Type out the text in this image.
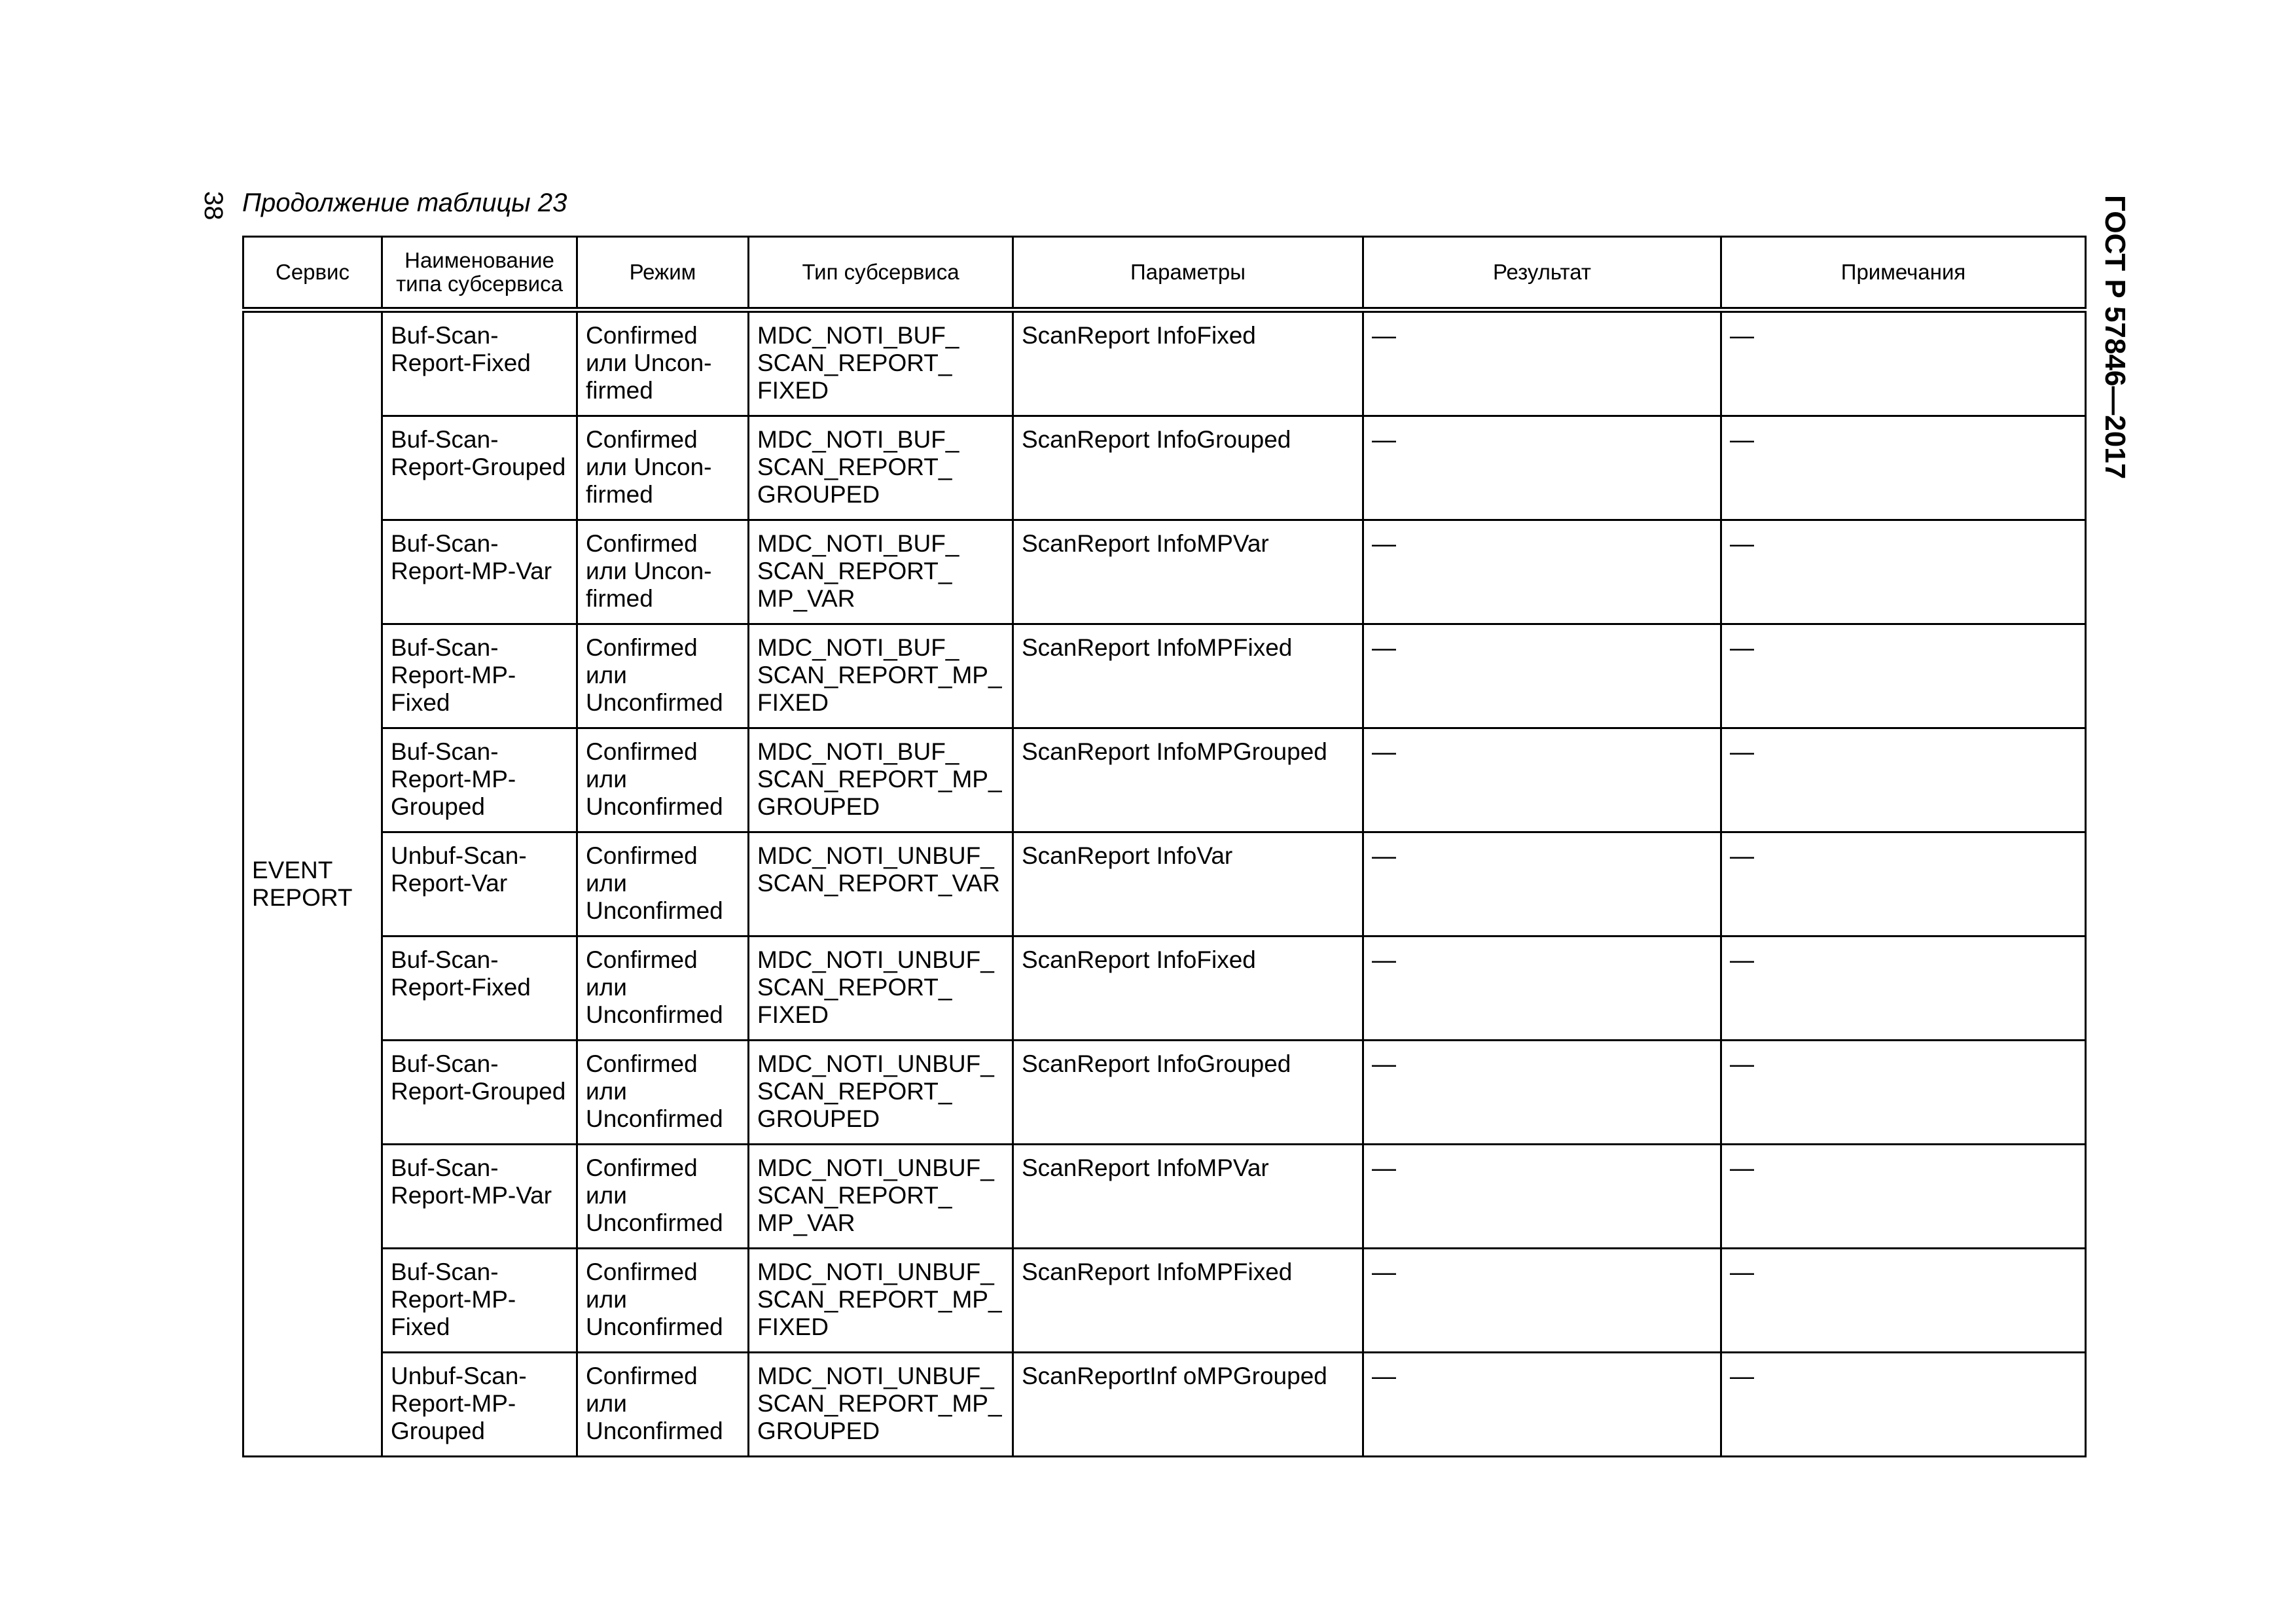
38 Продолжение таблицы 23	ГОСТ Р 57846—2017
Сервис	Наименование типа субсервиса	Режим	Тип субсервиса	Параметры	Результат	Примечания

EVENT REPORT	Buf-Scan-Report-Fixed	Confirmed или Uncon-firmed	MDC_NOTI_BUF_ SCAN_REPORT_ FIXED	ScanReport InfoFixed	—	—

	Buf-Scan-Report-Grouped	Confirmed или Uncon-firmed	MDC_NOTI_BUF_ SCAN_REPORT_ GROUPED	ScanReport InfoGrouped	—	—

	Buf-Scan-Report-MP-Var	Confirmed или Uncon-firmed	MDC_NOTI_BUF_ SCAN_REPORT_ MP_VAR	ScanReport InfoMPVar	—	—

	Buf-Scan-Report-MP-Fixed	Confirmed или Unconfirmed	MDC_NOTI_BUF_ SCAN_REPORT_MP_ FIXED	ScanReport InfoMPFixed	—	—

	Buf-Scan-Report-MP-Grouped	Confirmed или Unconfirmed	MDC_NOTI_BUF_ SCAN_REPORT_MP_ GROUPED	ScanReport InfoMPGrouped	—	—

	Unbuf-Scan-Report-Var	Confirmed или Unconfirmed	MDC_NOTI_UNBUF_ SCAN_REPORT_VAR	ScanReport InfoVar	—	—

	Buf-Scan-Report-Fixed	Confirmed или Unconfirmed	MDC_NOTI_UNBUF_ SCAN_REPORT_ FIXED	ScanReport InfoFixed	—	—

	Buf-Scan-Report-Grouped	Confirmed или Unconfirmed	MDC_NOTI_UNBUF_ SCAN_REPORT_ GROUPED	ScanReport InfoGrouped	—	—

	Buf-Scan-Report-MP-Var	Confirmed или Unconfirmed	MDC_NOTI_UNBUF_ SCAN_REPORT_ MP_VAR	ScanReport InfoMPVar	—	—

	Buf-Scan-Report-MP-Fixed	Confirmed или Unconfirmed	MDC_NOTI_UNBUF_ SCAN_REPORT_MP_ FIXED	ScanReport InfoMPFixed	—	—

	Unbuf-Scan-Report-MP-Grouped	Confirmed или Unconfirmed	MDC_NOTI_UNBUF_ SCAN_REPORT_MP_ GROUPED	ScanReportInf oMPGrouped	—	—
